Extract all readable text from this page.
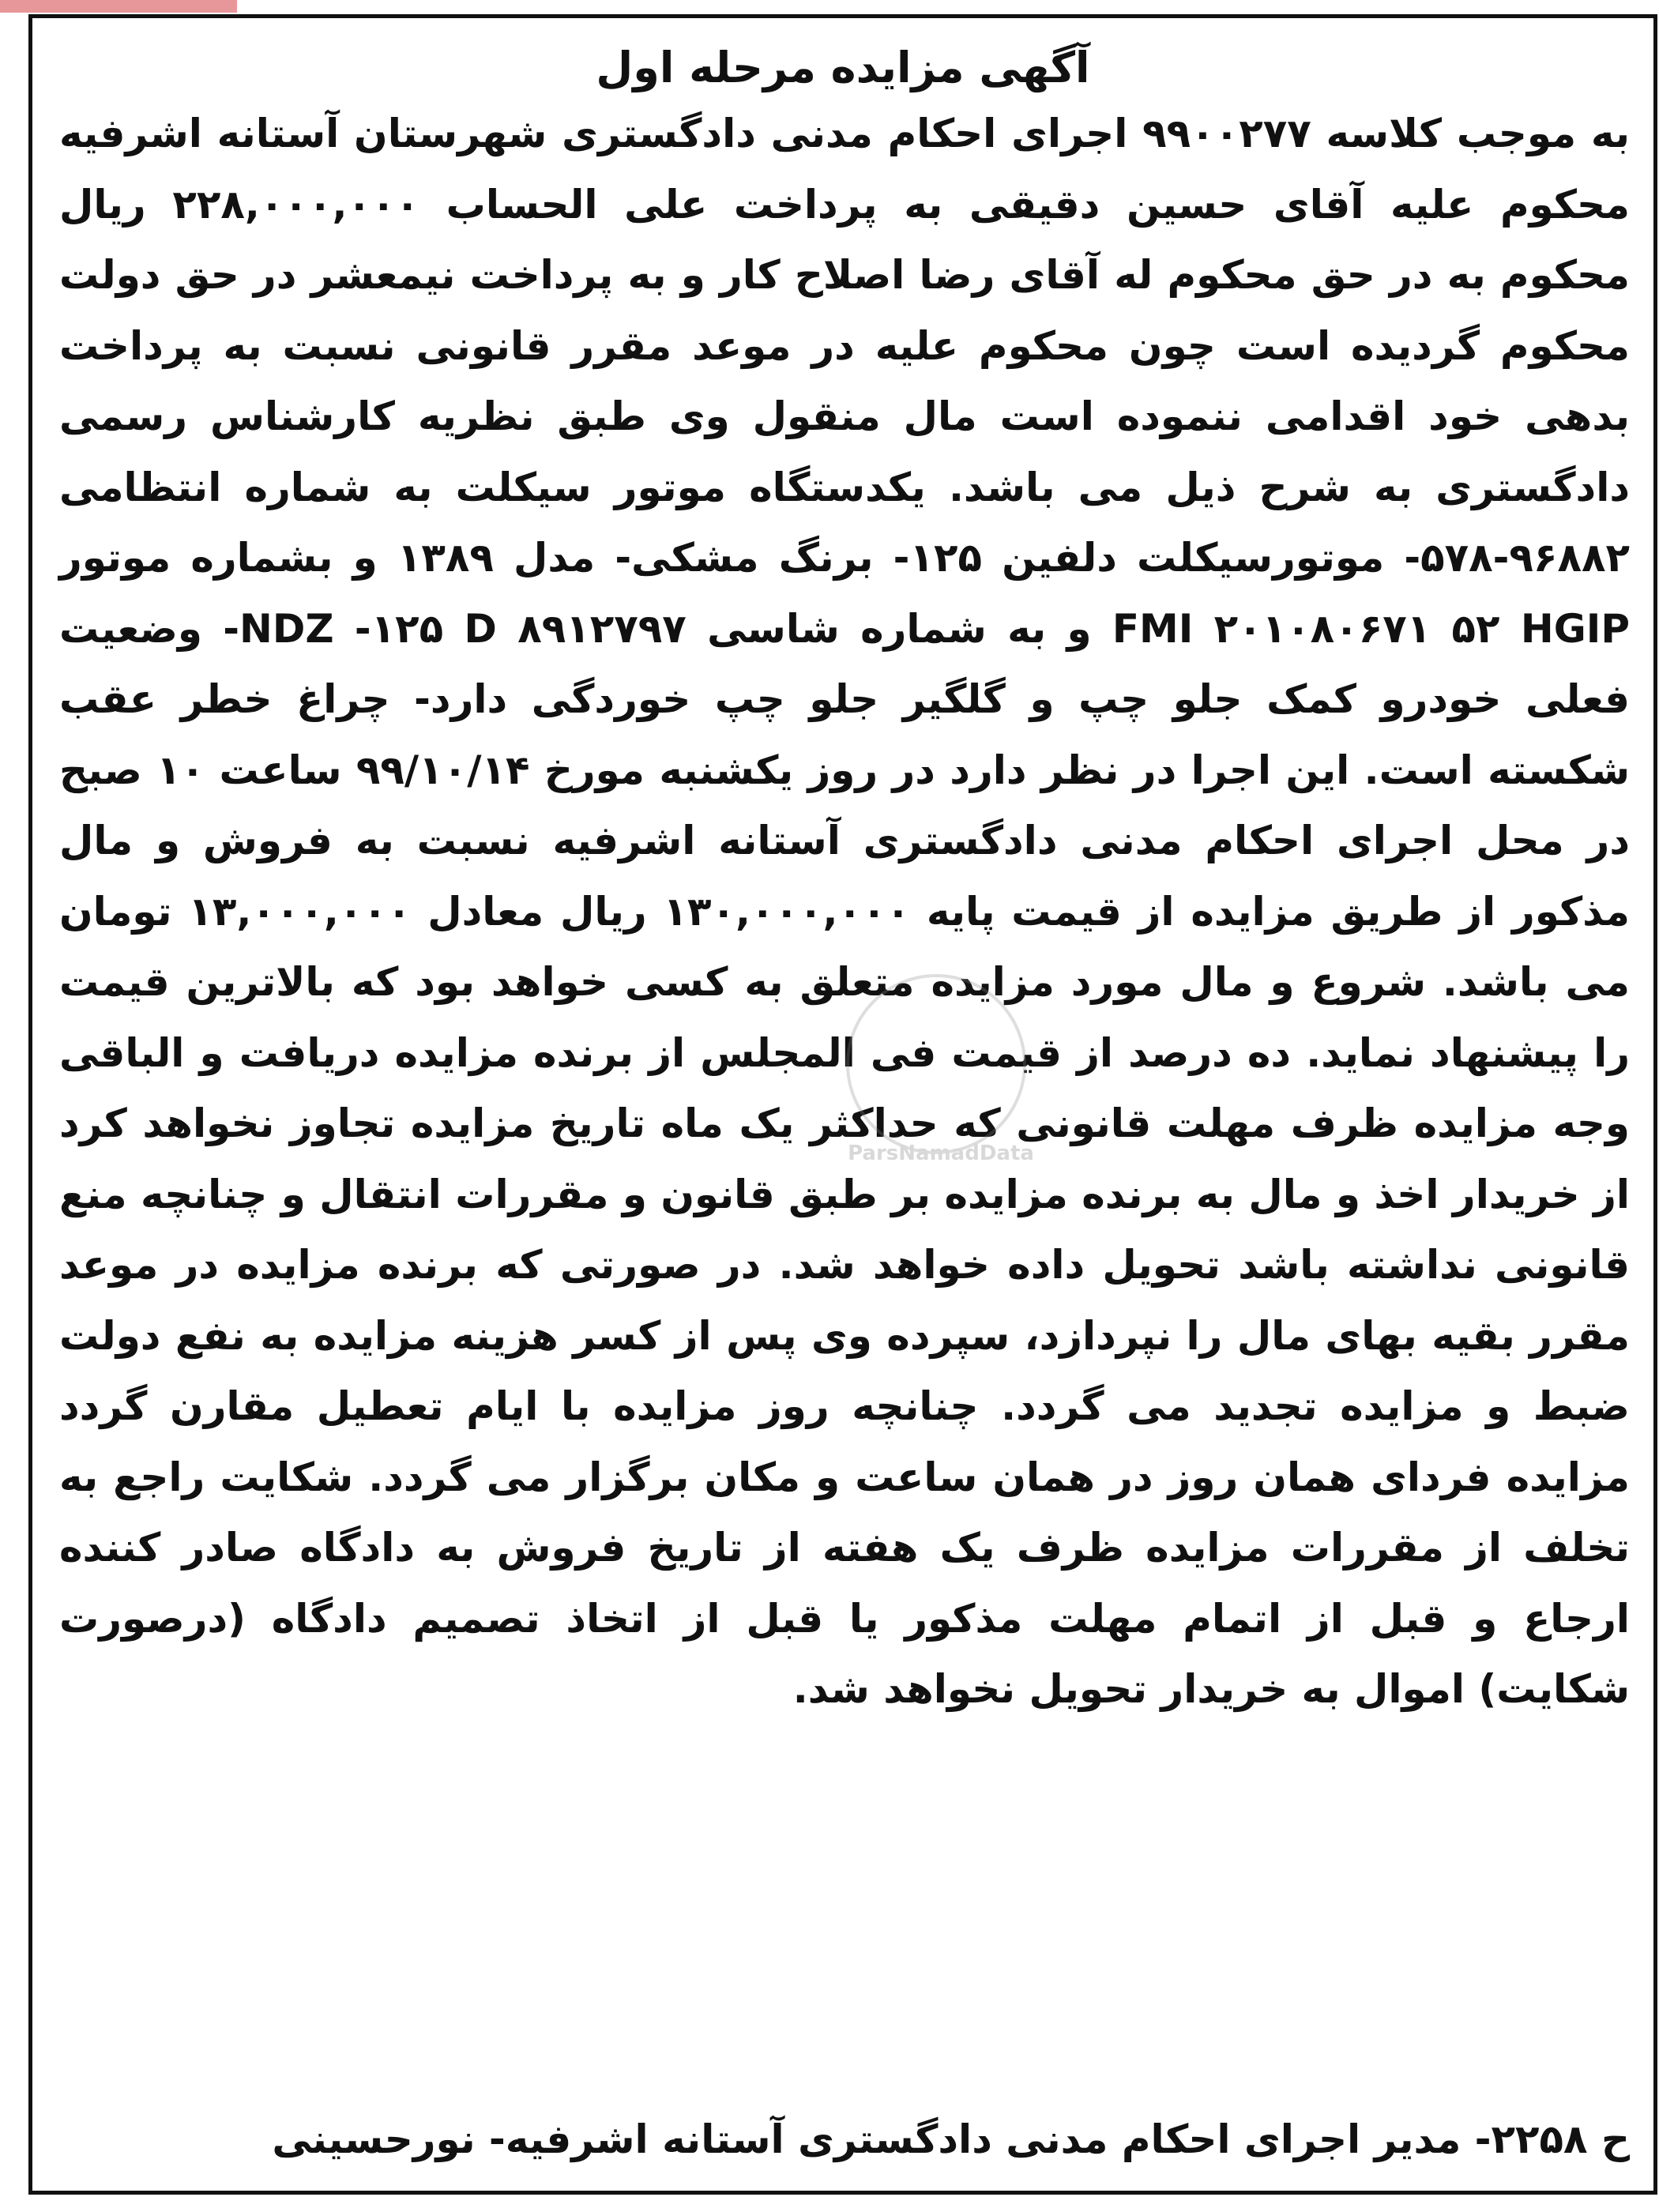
آگهی مزایده مرحله اول

به موجب کلاسه ۹۹۰۰۲۷۷ اجرای احکام مدنی دادگستری شهرستان آستانه اشرفیه محکوم علیه آقای حسین دقیقی به پرداخت علی الحساب ۲۲۸,۰۰۰,۰۰۰ ریال محکوم به در حق محکوم له آقای رضا اصلاح کار و به پرداخت نیمعشر در حق دولت محکوم گردیده است چون محکوم علیه در موعد مقرر قانونی نسبت به پرداخت بدهی خود اقدامی ننموده است مال منقول وی طبق نظریه کارشناس رسمی دادگستری به شرح ذیل می باشد. یکدستگاه موتور سیکلت به شماره انتظامی ۹۶۸۸۲-۵۷۸- موتورسیکلت دلفین ۱۲۵- برنگ مشکی- مدل ۱۳۸۹ و بشماره موتور FMI ۲۰۱۰۸۰۶۷۱ ۵۲ HGIP و به شماره شاسی NDZ -۱۲۵ D ۸۹۱۲۷۹۷- وضعیت فعلی خودرو کمک جلو چپ و گلگیر جلو چپ خوردگی دارد- چراغ خطر عقب شکسته است. این اجرا در نظر دارد در روز یکشنبه مورخ ۹۹/۱۰/۱۴ ساعت ۱۰ صبح در محل اجرای احکام مدنی دادگستری آستانه اشرفیه نسبت به فروش و مال مذکور از طریق مزایده از قیمت پایه ۱۳۰,۰۰۰,۰۰۰ ریال معادل ۱۳,۰۰۰,۰۰۰ تومان می باشد. شروع و مال مورد مزایده متعلق به کسی خواهد بود که بالاترین قیمت را پیشنهاد نماید. ده درصد از قیمت فی المجلس از برنده مزایده دریافت و الباقی وجه مزایده ظرف مهلت قانونی که حداکثر یک ماه تاریخ مزایده تجاوز نخواهد کرد از خریدار اخذ و مال به برنده مزایده بر طبق قانون و مقررات انتقال و چنانچه منع قانونی نداشته باشد تحویل داده خواهد شد. در صورتی که برنده مزایده در موعد مقرر بقیه بهای مال را نپردازد، سپرده وی پس از کسر هزینه مزایده به نفع دولت ضبط و مزایده تجدید می گردد. چنانچه روز مزایده با ایام تعطیل مقارن گردد مزایده فردای همان روز در همان ساعت و مکان برگزار می گردد. شکایت راجع به تخلف از مقررات مزایده ظرف یک هفته از تاریخ فروش به دادگاه صادر کننده ارجاع و قبل از اتمام مهلت مذکور یا قبل از اتخاذ تصمیم دادگاه (درصورت شکایت) اموال به خریدار تحویل نخواهد شد.

ParsNamadData

ح ۲۲۵۸- مدیر اجرای احکام مدنی دادگستری آستانه اشرفیه- نورحسینی
